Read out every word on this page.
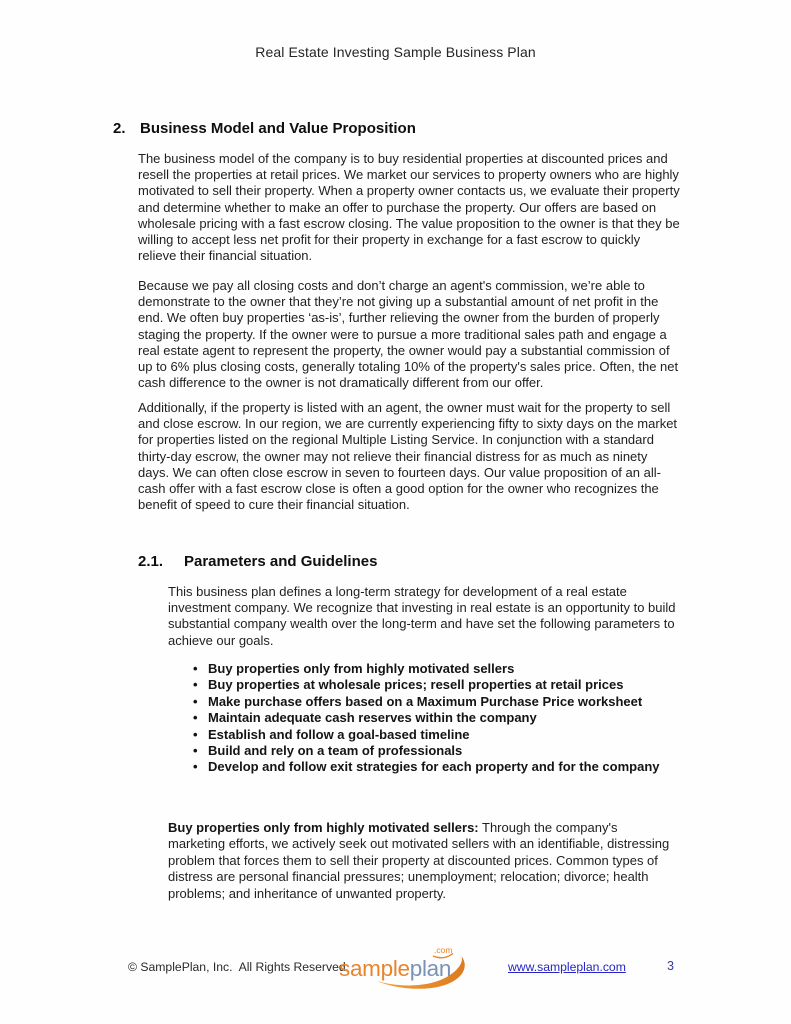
Real Estate Investing Sample Business Plan
2. Business Model and Value Proposition
The business model of the company is to buy residential properties at discounted prices and resell the properties at retail prices. We market our services to property owners who are highly motivated to sell their property. When a property owner contacts us, we evaluate their property and determine whether to make an offer to purchase the property. Our offers are based on wholesale pricing with a fast escrow closing. The value proposition to the owner is that they be willing to accept less net profit for their property in exchange for a fast escrow to quickly relieve their financial situation.
Because we pay all closing costs and don’t charge an agent's commission, we’re able to demonstrate to the owner that they’re not giving up a substantial amount of net profit in the end. We often buy properties ‘as-is’, further relieving the owner from the burden of properly staging the property. If the owner were to pursue a more traditional sales path and engage a real estate agent to represent the property, the owner would pay a substantial commission of up to 6% plus closing costs, generally totaling 10% of the property's sales price. Often, the net cash difference to the owner is not dramatically different from our offer.
Additionally, if the property is listed with an agent, the owner must wait for the property to sell and close escrow. In our region, we are currently experiencing fifty to sixty days on the market for properties listed on the regional Multiple Listing Service. In conjunction with a standard thirty-day escrow, the owner may not relieve their financial distress for as much as ninety days. We can often close escrow in seven to fourteen days. Our value proposition of an all-cash offer with a fast escrow close is often a good option for the owner who recognizes the benefit of speed to cure their financial situation.
2.1.	Parameters and Guidelines
This business plan defines a long-term strategy for development of a real estate investment company. We recognize that investing in real estate is an opportunity to build substantial company wealth over the long-term and have set the following parameters to achieve our goals.
• Buy properties only from highly motivated sellers
• Buy properties at wholesale prices; resell properties at retail prices
• Make purchase offers based on a Maximum Purchase Price worksheet
• Maintain adequate cash reserves within the company
• Establish and follow a goal-based timeline
• Build and rely on a team of professionals
• Develop and follow exit strategies for each property and for the company
Buy properties only from highly motivated sellers: Through the company's marketing efforts, we actively seek out motivated sellers with an identifiable, distressing problem that forces them to sell their property at discounted prices. Common types of distress are personal financial pressures; unemployment; relocation; divorce; health problems; and inheritance of unwanted property.
© SamplePlan, Inc.  All Rights Reserved.
sampleplan
.com
www.sampleplan.com	3
